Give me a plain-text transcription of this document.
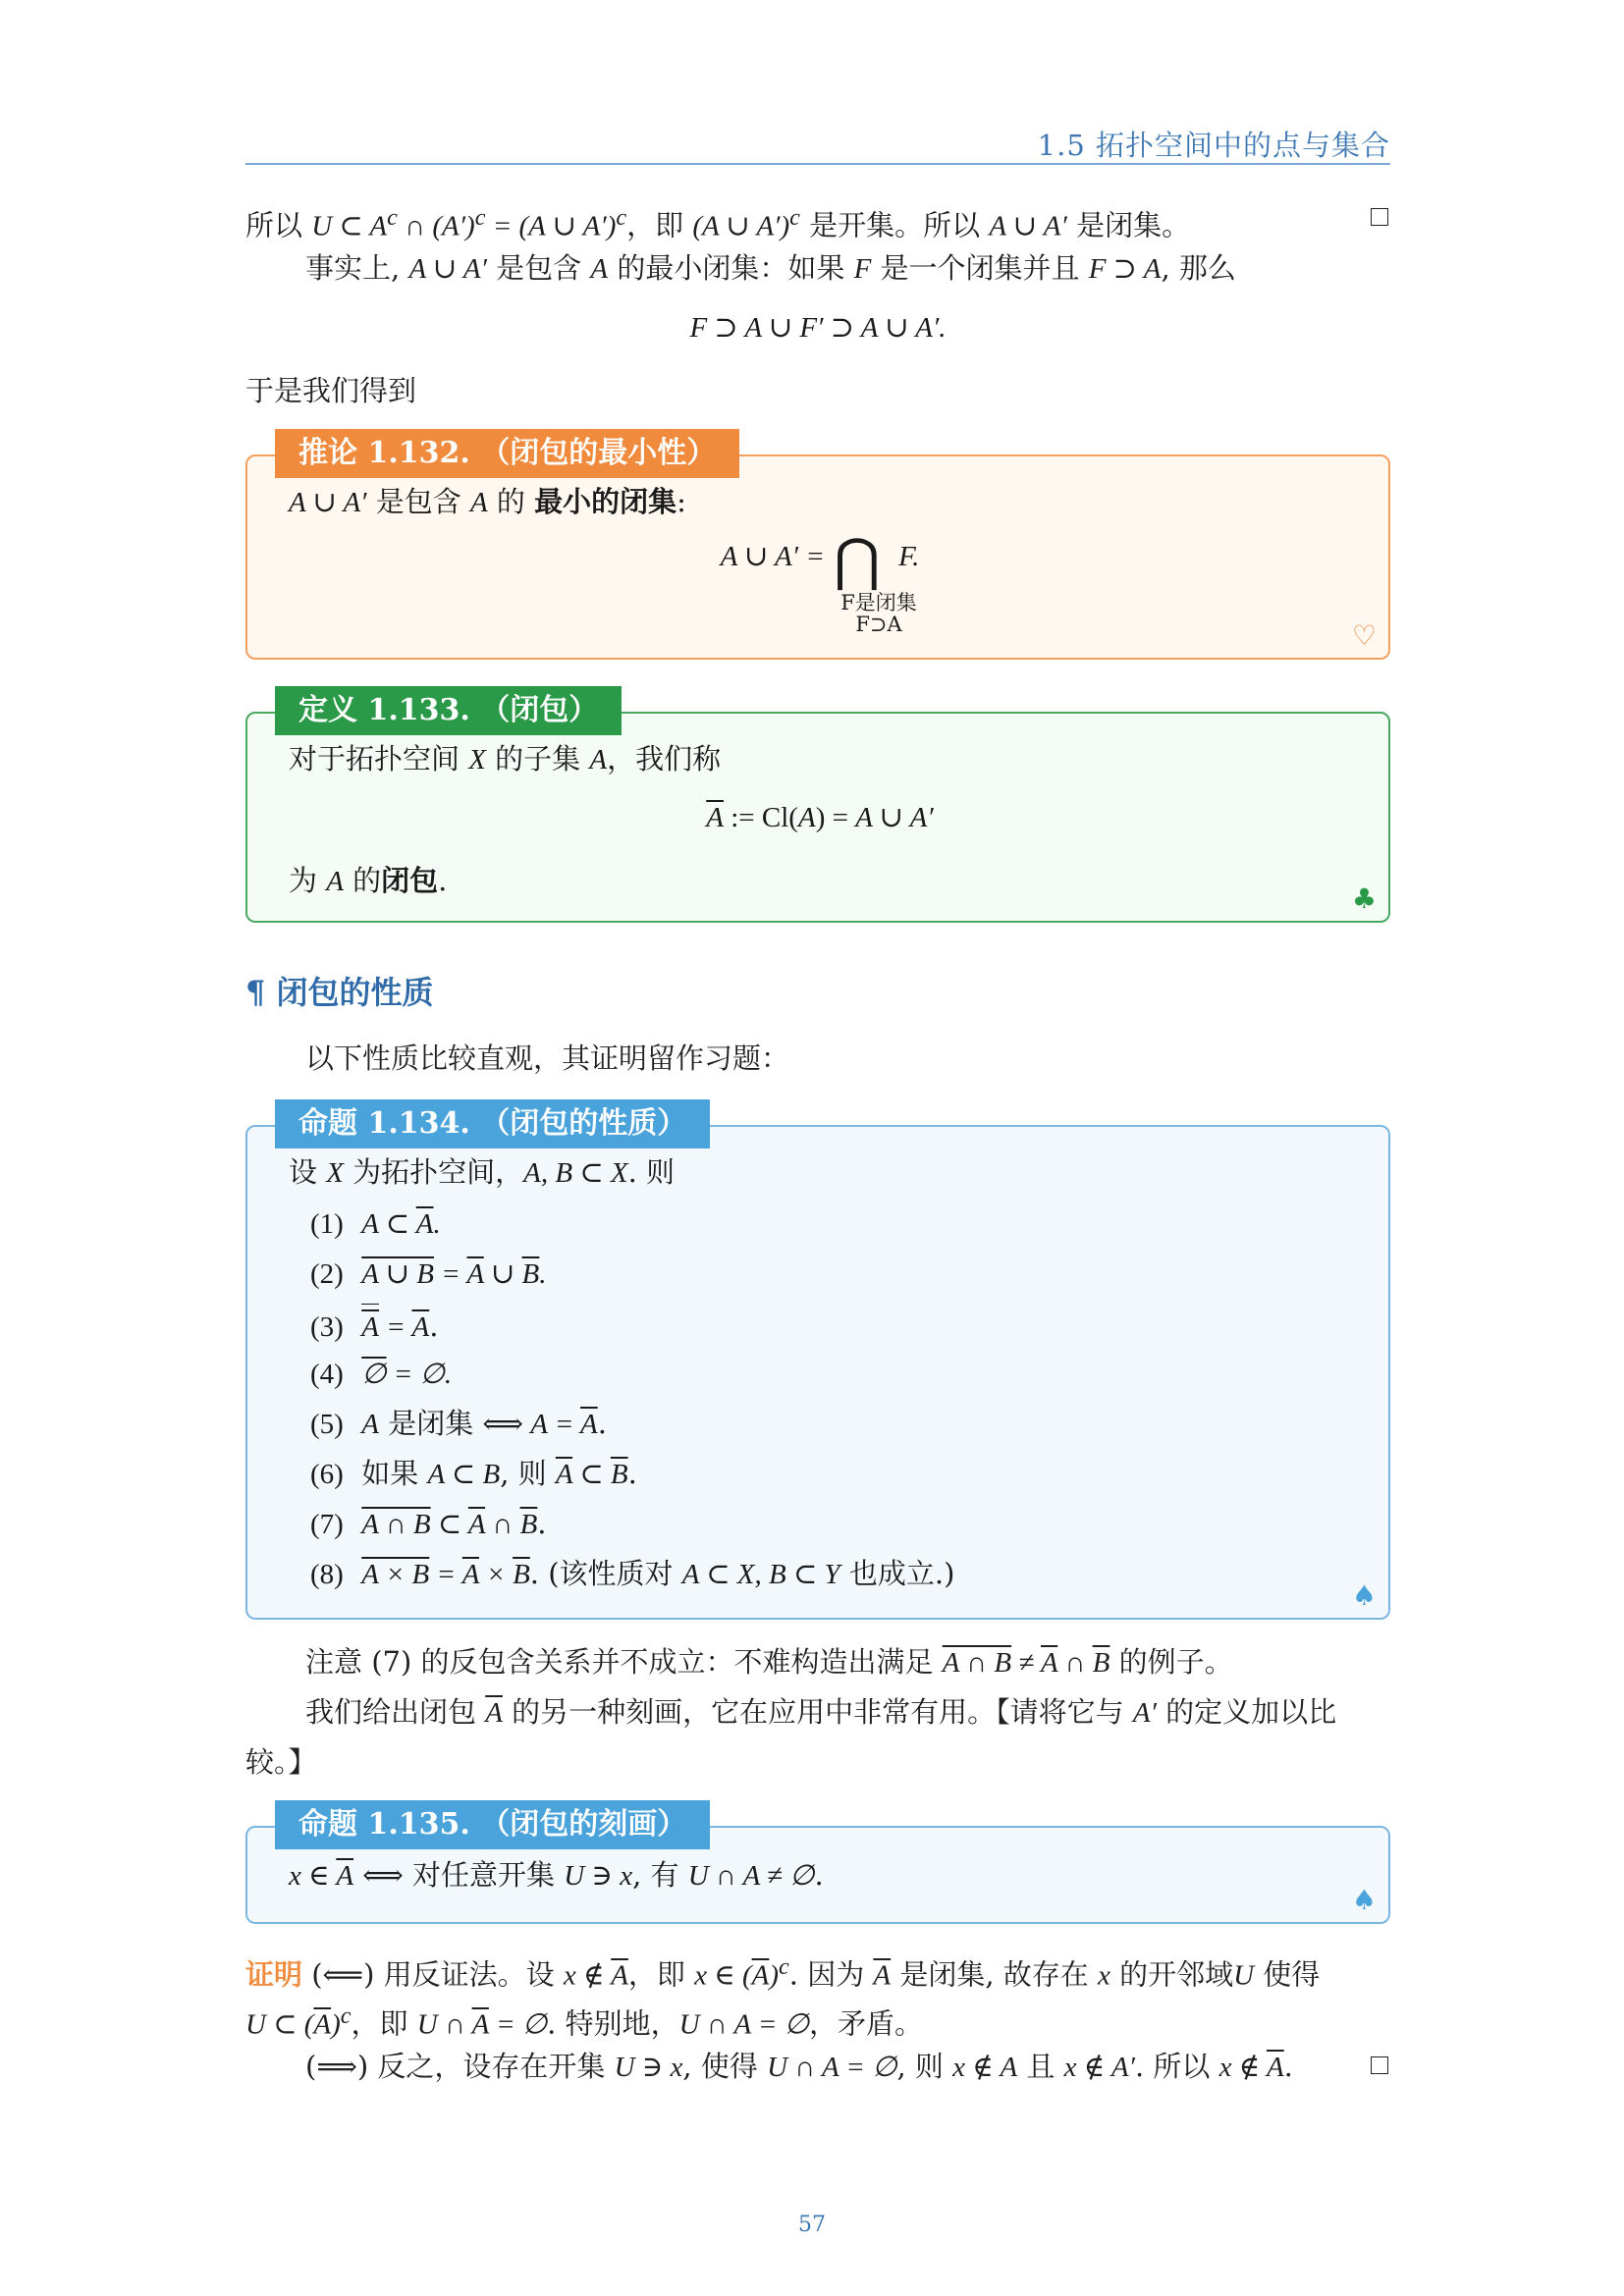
1.5 拓扑空间中的点与集合
所以 U ⊂ $A^c$ ∩ $(A')^c = (A$ ∪ A′)$^c$，即 (A ∪ A′)$^c$ 是开集。所以 A ∪ A′ 是闭集。
事实上, A ∪ A′ 是包含 A 的最小闭集：如果 F 是一个闭集并且 F ⊃ A, 那么
F ⊃ A ∪ F′ ⊃ A ∪ A′.
于是我们得到
推论 1.132. （闭包的最小性）
A ∪ A′ 是包含 A 的 最小的闭集:
A ∪ A′ = ⋂ F.
F是闭集
F⊃A	♡
定义 1.133. （闭包）
对于拓扑空间 X 的子集 A，我们称
$\overline{A}$ := Cl(A) = A ∪ A′
为 A 的闭包.
♣
¶ 闭包的性质
以下性质比较直观，其证明留作习题：
命题 1.134. （闭包的性质）
设 X 为拓扑空间，A, B ⊂ X. 则
(1) A ⊂ $\overline{A}$.
(2) A ∪ $B = \overline{A}$ ∪ $\overline{B}$.
(3) $\overline{A} = \overline{A}$.
(4) ∅ = ∅.
(5) A 是闭集 ⟺ $A = \overline{A}$.
(6) 如果 A ⊂ B, 则 $\overline{A}$ ⊂ $\overline{B}$.
(7) A ∩ B ⊂ $\overline{A}$ ∩ $\overline{B}$.
(8) $A \times B = \overline{A} \times \overline{B}$. (该性质对 A ⊂ X, B ⊂ Y 也成立.)
♠
注意 (7) 的反包含关系并不成立：不难构造出满足 A ∩ $B \ne \overline{A}$ ∩ $\overline{B}$ 的例子。
我们给出闭包 $\overline{A}$ 的另一种刻画，它在应用中非常有用。【请将它与 A′ 的定义加以比
较。】
命题 1.135. （闭包的刻画）
x ∈ $\overline{A}$ ⟺ 对任意开集 U ∋ x, 有 U ∩ A ≠ ∅.
♠
证明 (⟸) 用反证法。设 x ∉ $\overline{A}$，即 x ∈ $(\overline{A})^c$. 因为 $\overline{A}$ 是闭集, 故存在 x 的开邻域U 使得
U ⊂ $(\overline{A})^c$，即 U ∩ $\overline{A}$ = ∅. 特别地，U ∩ A = ∅，矛盾。
(⟹) 反之，设存在开集 U ∋ x, 使得 U ∩ A = ∅, 则 x ∉ A 且 x ∉ A′. 所以 x ∉ $\overline{A}$.
57
